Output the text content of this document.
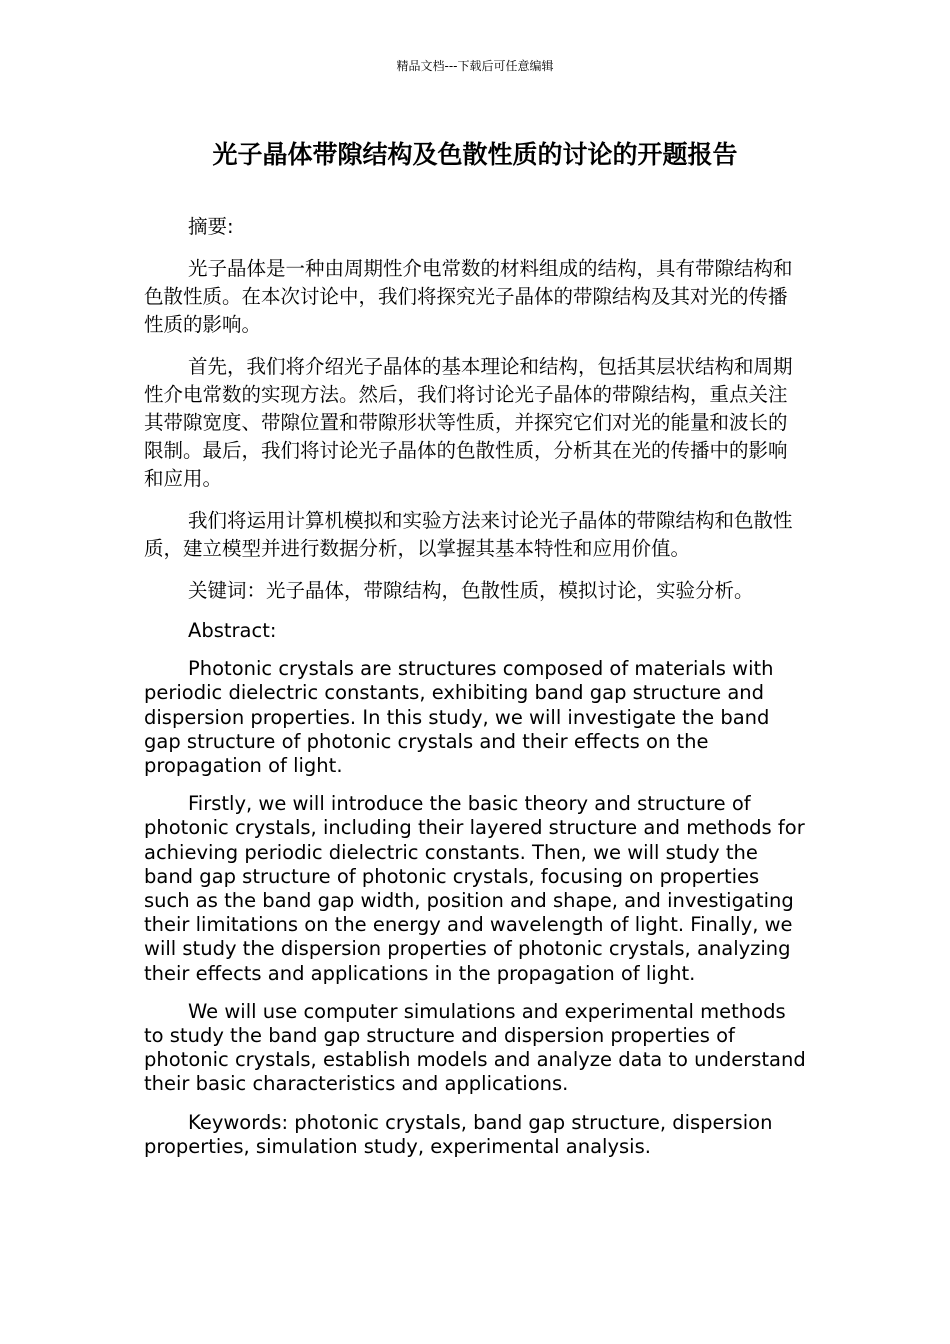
精品文档---下载后可任意编辑
光子晶体带隙结构及色散性质的讨论的开题报告

摘要:

光子晶体是一种由周期性介电常数的材料组成的结构，具有带隙结构和色散性质。在本次讨论中，我们将探究光子晶体的带隙结构及其对光的传播性质的影响。

首先，我们将介绍光子晶体的基本理论和结构，包括其层状结构和周期性介电常数的实现方法。然后，我们将讨论光子晶体的带隙结构，重点关注其带隙宽度、带隙位置和带隙形状等性质，并探究它们对光的能量和波长的限制。最后，我们将讨论光子晶体的色散性质，分析其在光的传播中的影响和应用。

我们将运用计算机模拟和实验方法来讨论光子晶体的带隙结构和色散性质，建立模型并进行数据分析，以掌握其基本特性和应用价值。

关键词：光子晶体，带隙结构，色散性质，模拟讨论，实验分析。

Abstract:

Photonic crystals are structures composed of materials with periodic dielectric constants, exhibiting band gap structure and dispersion properties. In this study, we will investigate the band gap structure of photonic crystals and their effects on the propagation of light.

Firstly, we will introduce the basic theory and structure of photonic crystals, including their layered structure and methods for achieving periodic dielectric constants. Then, we will study the band gap structure of photonic crystals, focusing on properties such as the band gap width, position and shape, and investigating their limitations on the energy and wavelength of light. Finally, we will study the dispersion properties of photonic crystals, analyzing their effects and applications in the propagation of light.

We will use computer simulations and experimental methods to study the band gap structure and dispersion properties of photonic crystals, establish models and analyze data to understand their basic characteristics and applications.

Keywords: photonic crystals, band gap structure, dispersion properties, simulation study, experimental analysis.
